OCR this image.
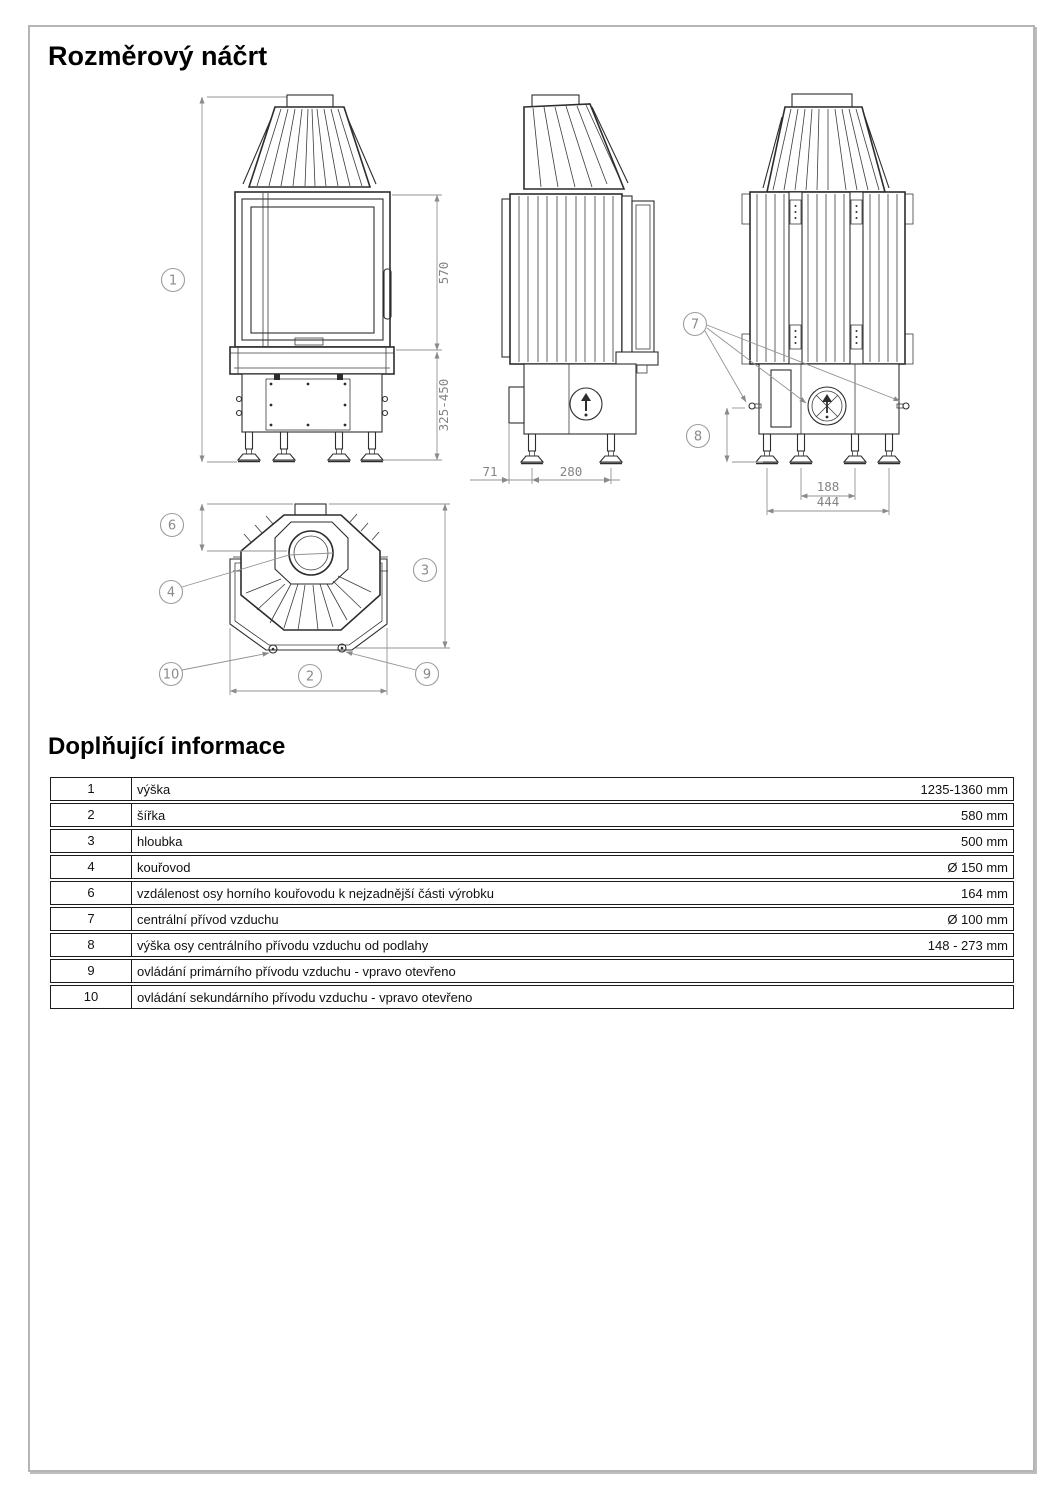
Rozměrový náčrt
570
325-450
1
71	280
7
8
188
444
6
4
3
10	9
2
Doplňující informace
1	výška	1235-1360 mm
2	šířka	580 mm
3	hloubka	500 mm
4	kouřovod	Ø 150 mm
6	vzdálenost osy horního kouřovodu k nejzadnější části výrobku	164 mm
7	centrální přívod vzduchu	Ø 100 mm
8	výška osy centrálního přívodu vzduchu od podlahy	148 - 273 mm
9	ovládání primárního přívodu vzduchu - vpravo otevřeno
10	ovládání sekundárního přívodu vzduchu - vpravo otevřeno
